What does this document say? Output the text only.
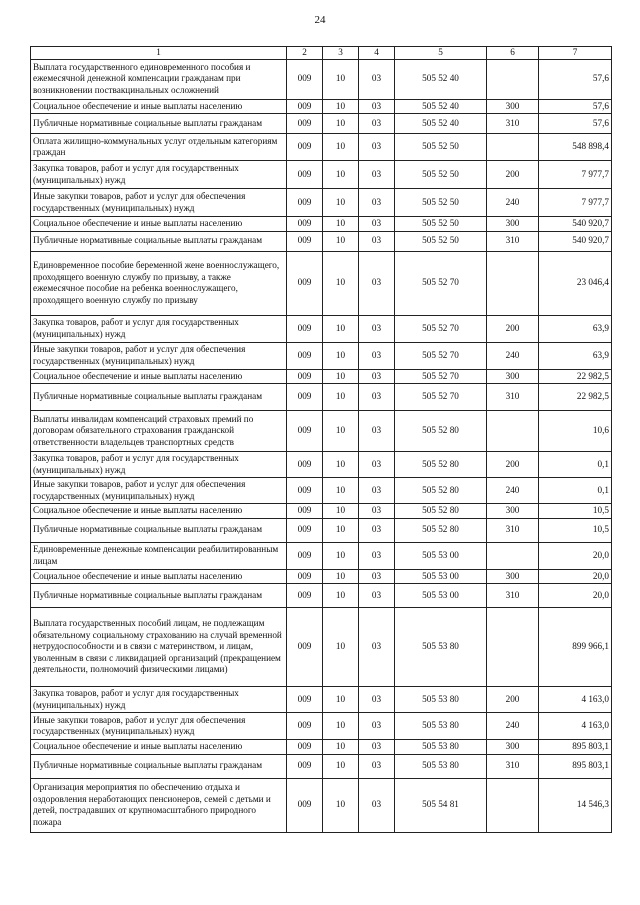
24
1	2	3	4	5	6	7
Выплата государственного единовременного пособия и ежемесячной денежной компенсации гражданам при возникновении поствакцинальных осложнений	009	10	03	505 52 40		57,6
Социальное обеспечение и иные выплаты населению	009	10	03	505 52 40	300	57,6
Публичные нормативные социальные выплаты гражданам	009	10	03	505 52 40	310	57,6
Оплата жилищно-коммунальных услуг отдельным категориям граждан	009	10	03	505 52 50		548 898,4
Закупка товаров, работ и услуг для государственных (муниципальных) нужд	009	10	03	505 52 50	200	7 977,7
Иные закупки товаров, работ и услуг для обеспечения государственных (муниципальных) нужд	009	10	03	505 52 50	240	7 977,7
Социальное обеспечение и иные выплаты населению	009	10	03	505 52 50	300	540 920,7
Публичные нормативные социальные выплаты гражданам	009	10	03	505 52 50	310	540 920,7
Единовременное пособие беременной жене военнослужащего, проходящего военную службу по призыву, а также ежемесячное пособие на ребенка военнослужащего, проходящего военную службу по призыву	009	10	03	505 52 70		23 046,4
Закупка товаров, работ и услуг для государственных (муниципальных) нужд	009	10	03	505 52 70	200	63,9
Иные закупки товаров, работ и услуг для обеспечения государственных (муниципальных) нужд	009	10	03	505 52 70	240	63,9
Социальное обеспечение и иные выплаты населению	009	10	03	505 52 70	300	22 982,5
Публичные нормативные социальные выплаты гражданам	009	10	03	505 52 70	310	22 982,5
Выплаты инвалидам компенсаций страховых премий по договорам обязательного страхования гражданской ответственности владельцев транспортных средств	009	10	03	505 52 80		10,6
Закупка товаров, работ и услуг для государственных (муниципальных) нужд	009	10	03	505 52 80	200	0,1
Иные закупки товаров, работ и услуг для обеспечения государственных (муниципальных) нужд	009	10	03	505 52 80	240	0,1
Социальное обеспечение и иные выплаты населению	009	10	03	505 52 80	300	10,5
Публичные нормативные социальные выплаты гражданам	009	10	03	505 52 80	310	10,5
Единовременные денежные компенсации реабилитированным лицам	009	10	03	505 53 00		20,0
Социальное обеспечение и иные выплаты населению	009	10	03	505 53 00	300	20,0
Публичные нормативные социальные выплаты гражданам	009	10	03	505 53 00	310	20,0
Выплата государственных пособий лицам, не подлежащим обязательному социальному страхованию на случай временной нетрудоспособности и в связи с материнством, и лицам, уволенным в связи с ликвидацией организаций (прекращением деятельности, полномочий физическими лицами)	009	10	03	505 53 80		899 966,1
Закупка товаров, работ и услуг для государственных (муниципальных) нужд	009	10	03	505 53 80	200	4 163,0
Иные закупки товаров, работ и услуг для обеспечения государственных (муниципальных) нужд	009	10	03	505 53 80	240	4 163,0
Социальное обеспечение и иные выплаты населению	009	10	03	505 53 80	300	895 803,1
Публичные нормативные социальные выплаты гражданам	009	10	03	505 53 80	310	895 803,1
Организация мероприятия по обеспечению отдыха и оздоровления неработающих пенсионеров, семей с детьми и детей, пострадавших от крупномасштабного природного пожара	009	10	03	505 54 81		14 546,3
